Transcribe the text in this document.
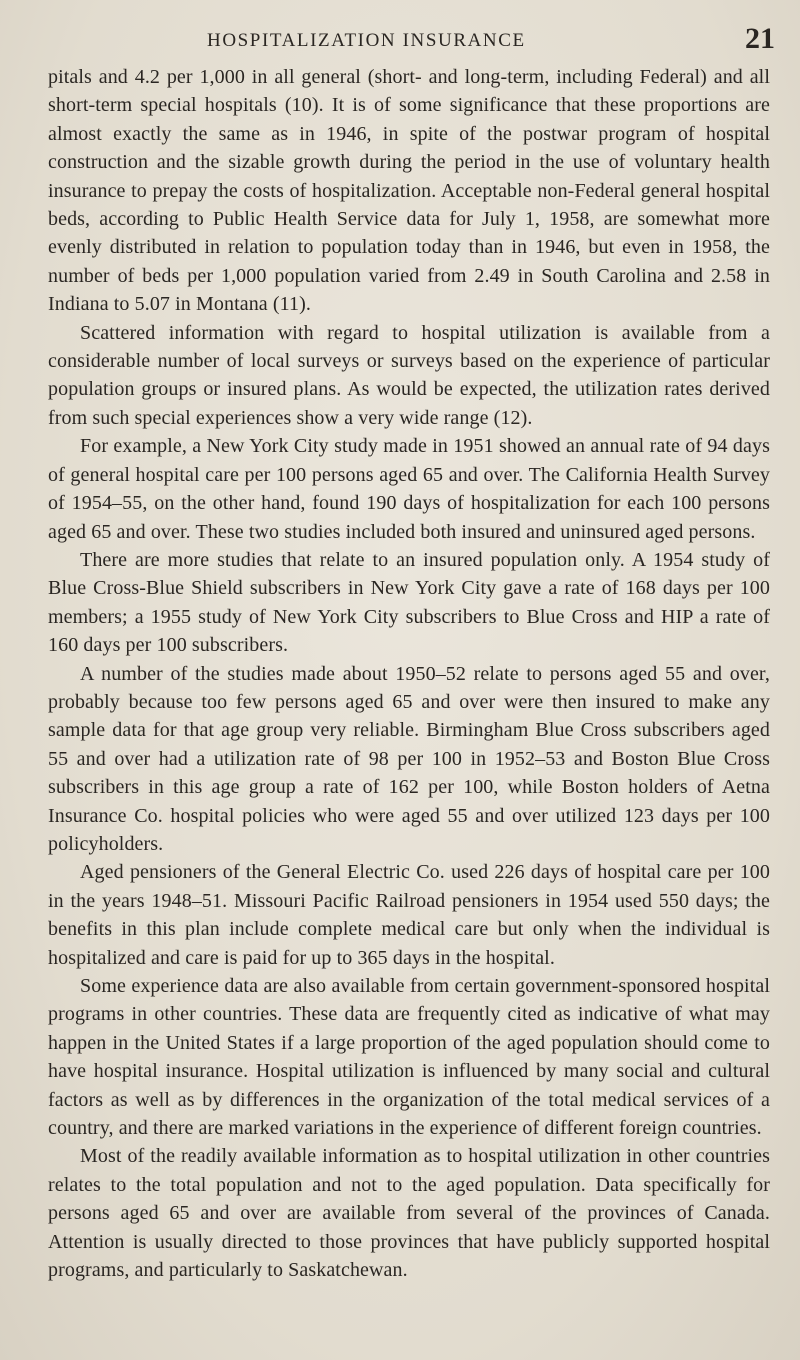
HOSPITALIZATION INSURANCE	21

pitals and 4.2 per 1,000 in all general (short- and long-term, including Federal) and all short-term special hospitals (10). It is of some significance that these proportions are almost exactly the same as in 1946, in spite of the postwar program of hospital construction and the sizable growth during the period in the use of voluntary health insurance to prepay the costs of hospitalization. Acceptable non-Federal general hospital beds, according to Public Health Service data for July 1, 1958, are somewhat more evenly distributed in relation to population today than in 1946, but even in 1958, the number of beds per 1,000 population varied from 2.49 in South Carolina and 2.58 in Indiana to 5.07 in Montana (11).

Scattered information with regard to hospital utilization is available from a considerable number of local surveys or surveys based on the experience of particular population groups or insured plans. As would be expected, the utilization rates derived from such special experiences show a very wide range (12).

For example, a New York City study made in 1951 showed an annual rate of 94 days of general hospital care per 100 persons aged 65 and over. The California Health Survey of 1954–55, on the other hand, found 190 days of hospitalization for each 100 persons aged 65 and over. These two studies included both insured and uninsured aged persons.

There are more studies that relate to an insured population only. A 1954 study of Blue Cross-Blue Shield subscribers in New York City gave a rate of 168 days per 100 members; a 1955 study of New York City subscribers to Blue Cross and HIP a rate of 160 days per 100 subscribers.

A number of the studies made about 1950–52 relate to persons aged 55 and over, probably because too few persons aged 65 and over were then insured to make any sample data for that age group very reliable. Birmingham Blue Cross subscribers aged 55 and over had a utilization rate of 98 per 100 in 1952–53 and Boston Blue Cross subscribers in this age group a rate of 162 per 100, while Boston holders of Aetna Insurance Co. hospital policies who were aged 55 and over utilized 123 days per 100 policyholders.

Aged pensioners of the General Electric Co. used 226 days of hospital care per 100 in the years 1948–51. Missouri Pacific Railroad pensioners in 1954 used 550 days; the benefits in this plan include complete medical care but only when the individual is hospitalized and care is paid for up to 365 days in the hospital.

Some experience data are also available from certain government-sponsored hospital programs in other countries. These data are frequently cited as indicative of what may happen in the United States if a large proportion of the aged population should come to have hospital insurance. Hospital utilization is influenced by many social and cultural factors as well as by differences in the organization of the total medical services of a country, and there are marked variations in the experience of different foreign countries.

Most of the readily available information as to hospital utilization in other countries relates to the total population and not to the aged population. Data specifically for persons aged 65 and over are available from several of the provinces of Canada. Attention is usually directed to those provinces that have publicly supported hospital programs, and particularly to Saskatchewan.
